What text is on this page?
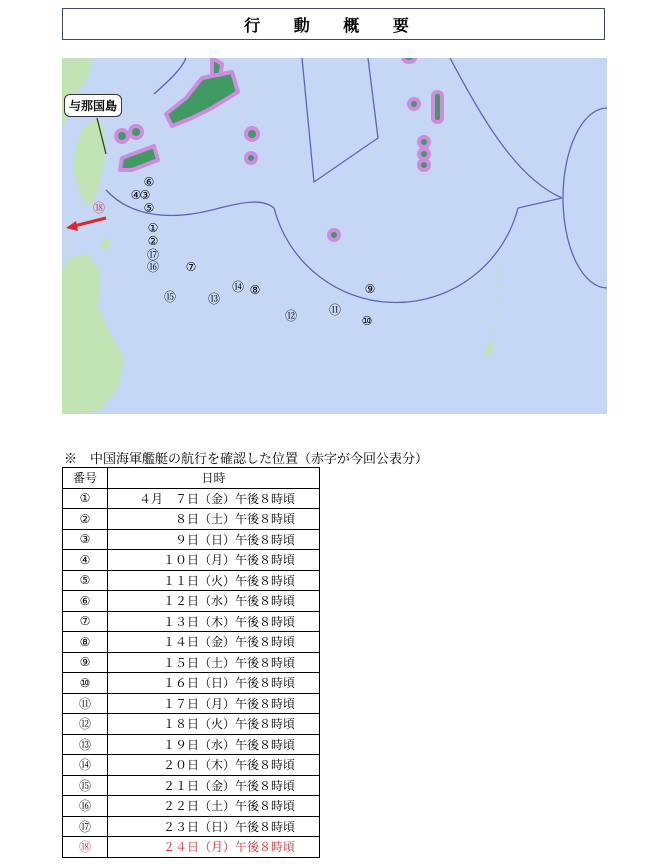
行 動 概 要
①
②
③
④
⑤
⑥
⑦
⑧	⑨
⑩
⑪
⑫
⑬
⑭
⑮
⑯
⑰
⑱
与那国島
※　中国海軍艦艇の航行を確認した位置（赤字が今回公表分）
番号	日時
①	４月　７日（金）午後８時頃
②	８日（土）午後８時頃
③	９日（日）午後８時頃
④	１０日（月）午後８時頃
⑤	１１日（火）午後８時頃
⑥	１２日（水）午後８時頃
⑦	１３日（木）午後８時頃
⑧	１４日（金）午後８時頃
⑨	１５日（土）午後８時頃
⑩	１６日（日）午後８時頃
⑪	１７日（月）午後８時頃
⑫	１８日（火）午後８時頃
⑬	１９日（水）午後８時頃
⑭	２０日（木）午後８時頃
⑮	２１日（金）午後８時頃
⑯	２２日（土）午後８時頃
⑰	２３日（日）午後８時頃
⑱	２４日（月）午後８時頃
